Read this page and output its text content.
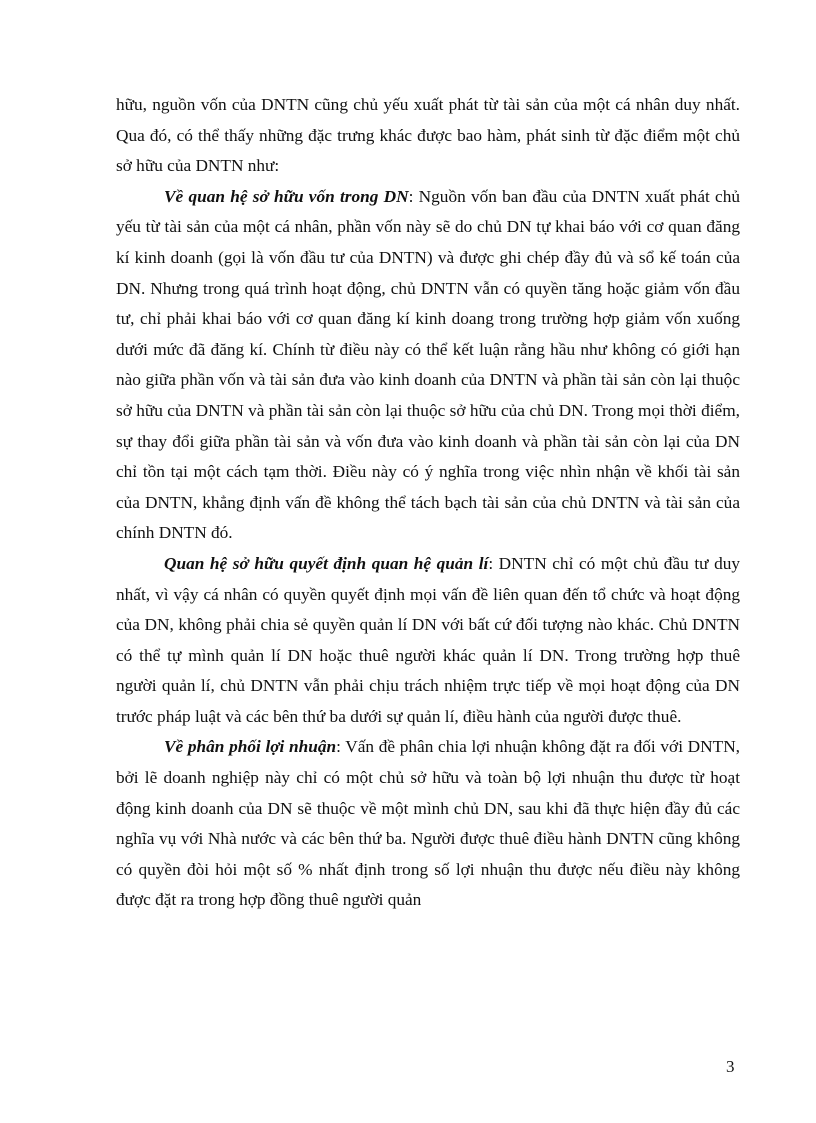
hữu, nguồn vốn của DNTN cũng chủ yếu xuất phát từ tài sản của một cá nhân duy nhất. Qua đó, có thể thấy những đặc trưng khác được bao hàm, phát sinh từ đặc điểm một chủ sở hữu của DNTN như:

Về quan hệ sở hữu vốn trong DN: Nguồn vốn ban đầu của DNTN xuất phát chủ yếu từ tài sản của một cá nhân, phần vốn này sẽ do chủ DN tự khai báo với cơ quan đăng kí kinh doanh (gọi là vốn đầu tư của DNTN) và được ghi chép đầy đủ và sổ kế toán của DN. Nhưng trong quá trình hoạt động, chủ DNTN vẫn có quyền tăng hoặc giảm vốn đầu tư, chỉ phải khai báo với cơ quan đăng kí kinh doang trong trường hợp giảm vốn xuống dưới mức đã đăng kí. Chính từ điều này có thể kết luận rằng hầu như không có giới hạn nào giữa phần vốn và tài sản đưa vào kinh doanh của DNTN và phần tài sản còn lại thuộc sở hữu của DNTN và phần tài sản còn lại thuộc sở hữu của chủ DN. Trong mọi thời điểm, sự thay đổi giữa phần tài sản và vốn đưa vào kinh doanh và phần tài sản còn lại của DN chỉ tồn tại một cách tạm thời. Điều này có ý nghĩa trong việc nhìn nhận về khối tài sản của DNTN, khẳng định vấn đề không thể tách bạch tài sản của chủ DNTN và tài sản của chính DNTN đó.

Quan hệ sở hữu quyết định quan hệ quản lí: DNTN chỉ có một chủ đầu tư duy nhất, vì vậy cá nhân có quyền quyết định mọi vấn đề liên quan đến tổ chức và hoạt động của DN, không phải chia sẻ quyền quản lí DN với bất cứ đối tượng nào khác. Chủ DNTN có thể tự mình quản lí DN hoặc thuê người khác quản lí DN. Trong trường hợp thuê người quản lí, chủ DNTN vẫn phải chịu trách nhiệm trực tiếp về mọi hoạt động của DN trước pháp luật và các bên thứ ba dưới sự quản lí, điều hành của người được thuê.

Về phân phối lợi nhuận: Vấn đề phân chia lợi nhuận không đặt ra đối với DNTN, bởi lẽ doanh nghiệp này chỉ có một chủ sở hữu và toàn bộ lợi nhuận thu được từ hoạt động kinh doanh của DN sẽ thuộc về một mình chủ DN, sau khi đã thực hiện đầy đủ các nghĩa vụ với Nhà nước và các bên thứ ba. Người được thuê điều hành DNTN cũng không có quyền đòi hỏi một số % nhất định trong số lợi nhuận thu được nếu điều này không được đặt ra trong hợp đồng thuê người quản

3
